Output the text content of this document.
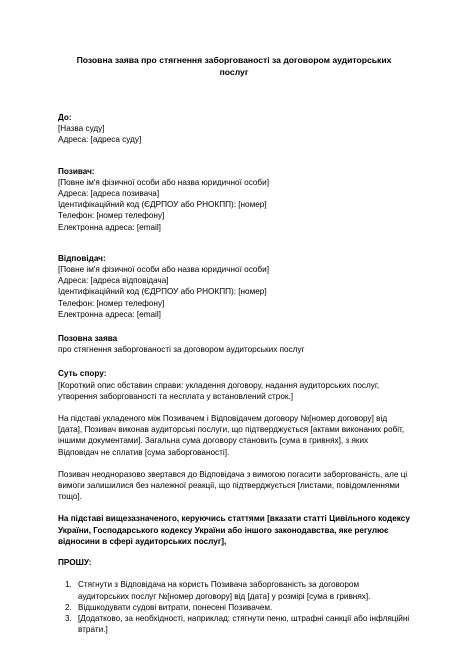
Позовна заява про стягнення заборгованості за договором аудиторських послуг
До:
[Назва суду]
Адреса: [адреса суду]
Позивач:
[Повне ім'я фізичної особи або назва юридичної особи]
Адреса: [адреса позивача]
Ідентифікаційний код (ЄДРПОУ або РНОКПП): [номер]
Телефон: [номер телефону]
Електронна адреса: [email]
Відповідач:
[Повне ім'я фізичної особи або назва юридичної особи]
Адреса: [адреса відповідача]
Ідентифікаційний код (ЄДРПОУ або РНОКПП): [номер]
Телефон: [номер телефону]
Електронна адреса: [email]
Позовна заява
про стягнення заборгованості за договором аудиторських послуг
Суть спору:
[Короткий опис обставин справи: укладення договору, надання аудиторських послуг, утворення заборгованості та несплата у встановлений строк.]
На підставі укладеного між Позивачем і Відповідачем договору №[номер договору] від [дата], Позивач виконав аудиторські послуги, що підтверджується [актами виконаних робіт, іншими документами]. Загальна сума договору становить [сума в гривнях], з яких Відповідач не сплатив [сума заборгованості].
Позивач неодноразово звертався до Відповідача з вимогою погасити заборгованість, але ці вимоги залишилися без належної реакції, що підтверджується [листами, повідомленнями тощо].
На підставі вищезазначеного, керуючись статтями [вказати статті Цивільного кодексу України, Господарського кодексу України або іншого законодавства, яке регулює відносини в сфері аудиторських послуг],
ПРОШУ:
1. Стягнути з Відповідача на користь Позивача заборгованість за договором аудиторських послуг №[номер договору] від [дата] у розмірі [сума в гривнях].
2. Відшкодувати судові витрати, понесені Позивачем.
3. [Додатково, за необхідності, наприклад: стягнути пеню, штрафні санкції або інфляційні втрати.]
